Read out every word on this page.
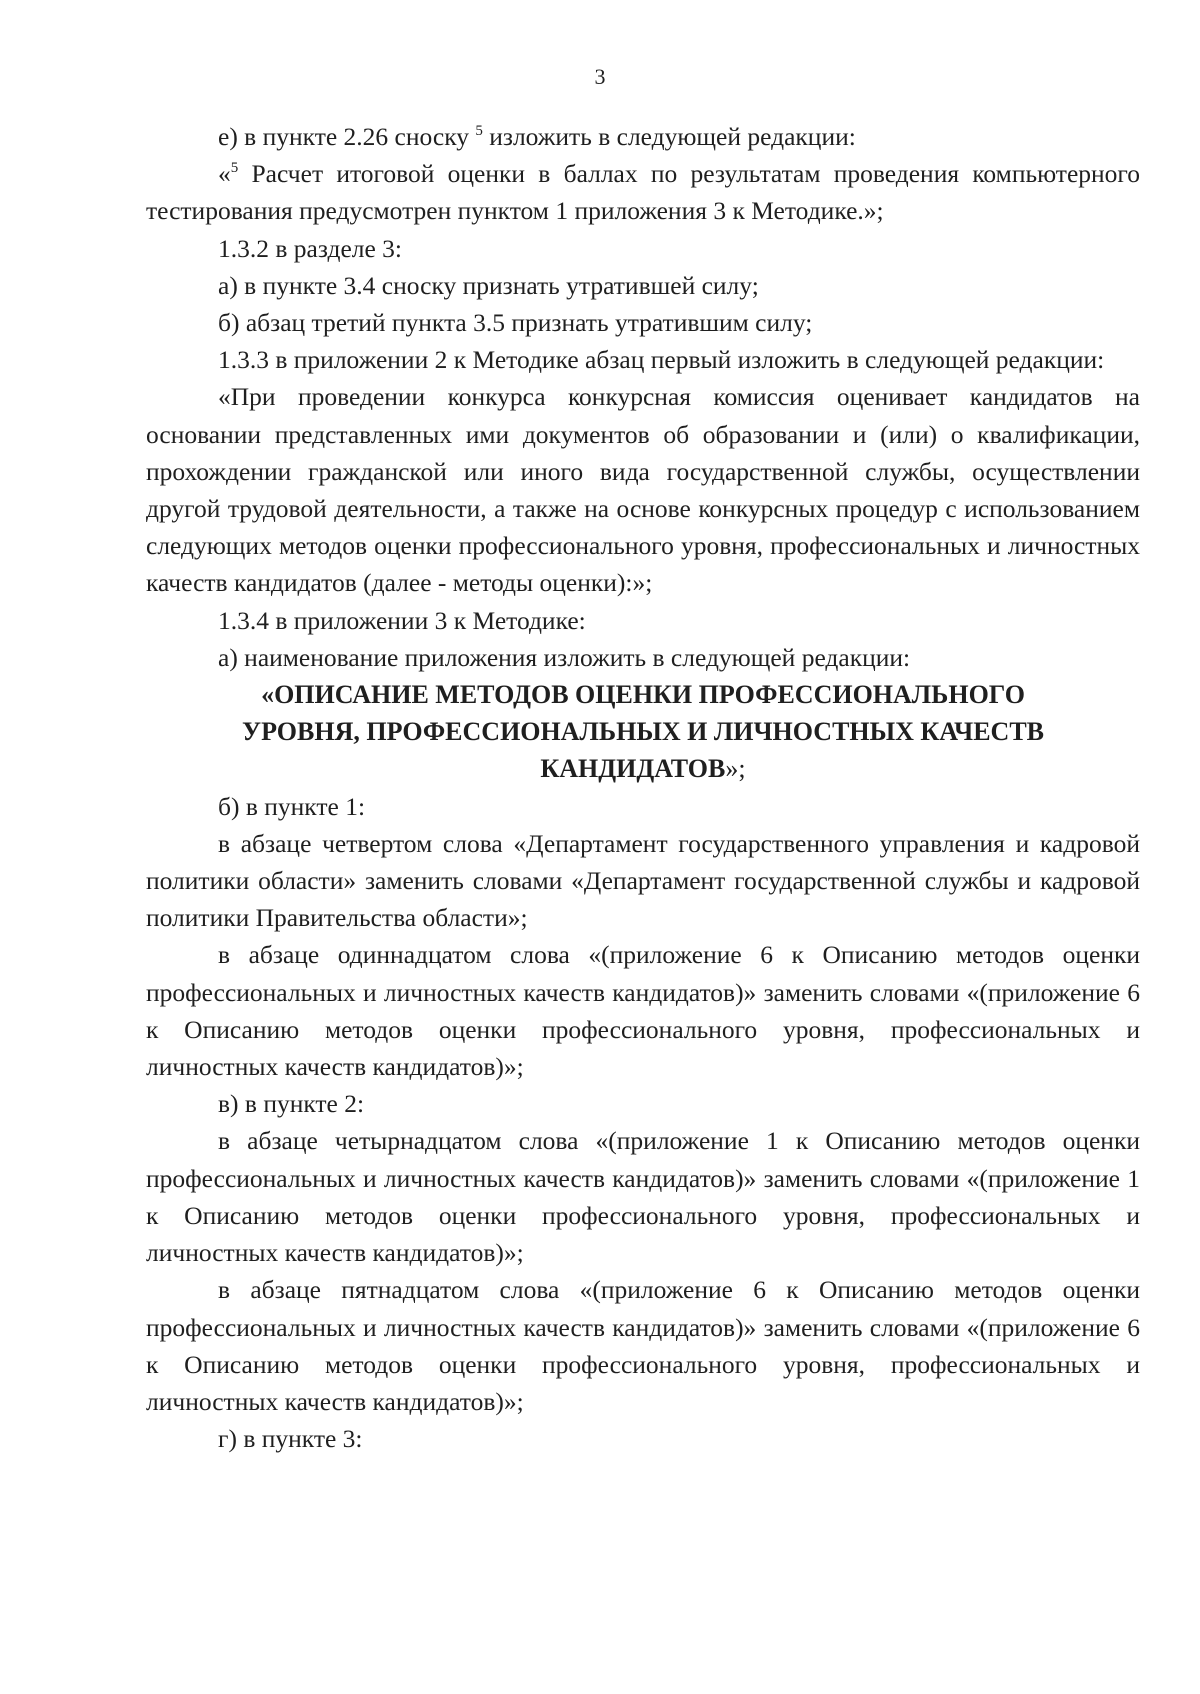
3

е) в пункте 2.26 сноску $^5$ изложить в следующей редакции:

«$^5$ Расчет итоговой оценки в баллах по результатам проведения компьютерного тестирования предусмотрен пунктом 1 приложения 3 к Методике.»;

1.3.2 в разделе 3:

а) в пункте 3.4 сноску признать утратившей силу;

б) абзац третий пункта 3.5 признать утратившим силу;

1.3.3 в приложении 2 к Методике абзац первый изложить в следующей редакции:

«При проведении конкурса конкурсная комиссия оценивает кандидатов на основании представленных ими документов об образовании и (или) о квалификации, прохождении гражданской или иного вида государственной службы, осуществлении другой трудовой деятельности, а также на основе конкурсных процедур с использованием следующих методов оценки профессионального уровня, профессиональных и личностных качеств кандидатов (далее - методы оценки):»;

1.3.4 в приложении 3 к Методике:

а) наименование приложения изложить в следующей редакции:

«ОПИСАНИЕ МЕТОДОВ ОЦЕНКИ ПРОФЕССИОНАЛЬНОГО

УРОВНЯ, ПРОФЕССИОНАЛЬНЫХ И ЛИЧНОСТНЫХ КАЧЕСТВ

КАНДИДАТОВ»;

б) в пункте 1:

в абзаце четвертом слова «Департамент государственного управления и кадровой политики области» заменить словами «Департамент государственной службы и кадровой политики Правительства области»;

в абзаце одиннадцатом слова «(приложение 6 к Описанию методов оценки профессиональных и личностных качеств кандидатов)» заменить словами «(приложение 6 к Описанию методов оценки профессионального уровня, профессиональных и личностных качеств кандидатов)»;

в) в пункте 2:

в абзаце четырнадцатом слова «(приложение 1 к Описанию методов оценки профессиональных и личностных качеств кандидатов)» заменить словами «(приложение 1 к Описанию методов оценки профессионального уровня, профессиональных и личностных качеств кандидатов)»;

в абзаце пятнадцатом слова «(приложение 6 к Описанию методов оценки профессиональных и личностных качеств кандидатов)» заменить словами «(приложение 6 к Описанию методов оценки профессионального уровня, профессиональных и личностных качеств кандидатов)»;

г) в пункте 3:
